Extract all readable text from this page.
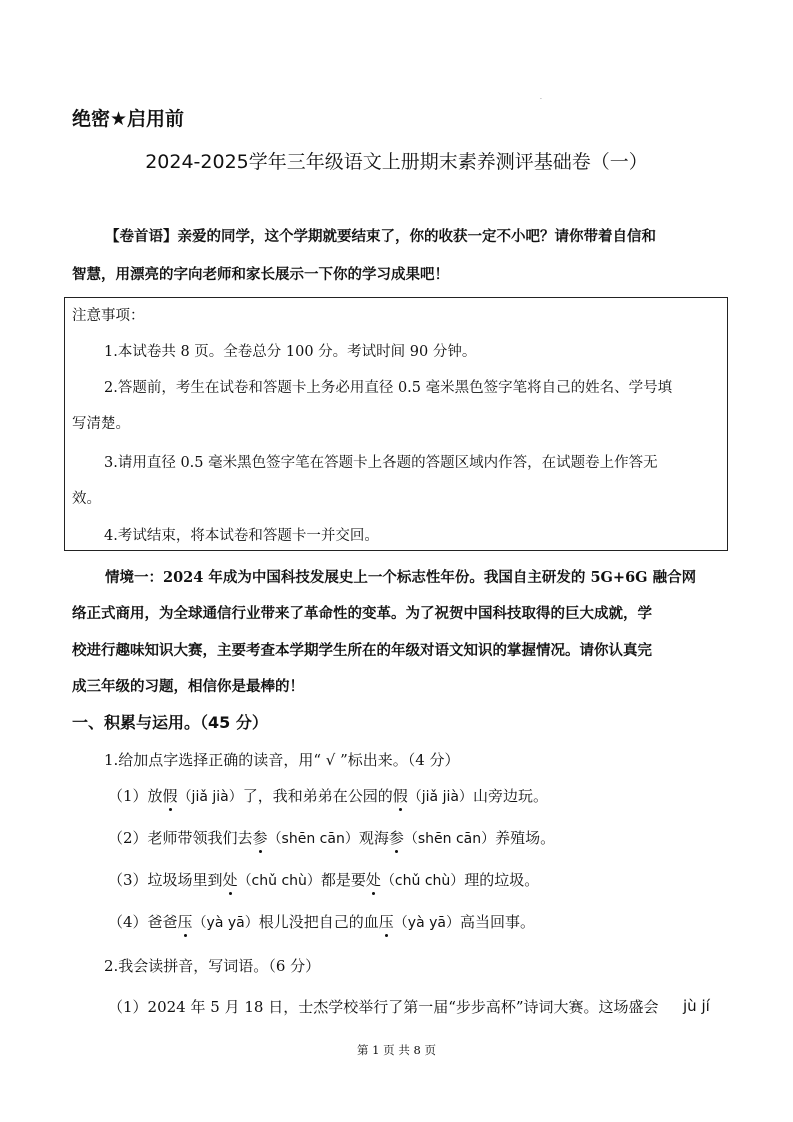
·
绝密★启用前
2024-2025学年三年级语文上册期末素养测评基础卷（一）
【卷首语】亲爱的同学，这个学期就要结束了，你的收获一定不小吧？请你带着自信和
智慧，用漂亮的字向老师和家长展示一下你的学习成果吧！
注意事项：
1.本试卷共 8 页。全卷总分 100 分。考试时间 90 分钟。
2.答题前，考生在试卷和答题卡上务必用直径 0.5 毫米黑色签字笔将自己的姓名、学号填
写清楚。
3.请用直径 0.5 毫米黑色签字笔在答题卡上各题的答题区域内作答，在试题卷上作答无
效。
4.考试结束，将本试卷和答题卡一并交回。
情境一：2024 年成为中国科技发展史上一个标志性年份。我国自主研发的 5G+6G 融合网
络正式商用，为全球通信行业带来了革命性的变革。为了祝贺中国科技取得的巨大成就，学
校进行趣味知识大赛，主要考查本学期学生所在的年级对语文知识的掌握情况。请你认真完
成三年级的习题，相信你是最棒的！
一、积累与运用。（45 分）
1.给加点字选择正确的读音，用“ √ ”标出来。（4 分）
（1）放假（jiǎ jià）了，我和弟弟在公园的假（jiǎ jià）山旁边玩。
（2）老师带领我们去参（shēn cān）观海参（shēn cān）养殖场。
（3）垃圾场里到处（chǔ chù）都是要处（chǔ chù）理的垃圾。
（4）爸爸压（yà yā）根儿没把自己的血压（yà yā）高当回事。
2.我会读拼音，写词语。（6 分）
（1）2024 年 5 月 18 日，士杰学校举行了第一届“步步高杯”诗词大赛。这场盛会 jù jí
第 1 页 共 8 页
